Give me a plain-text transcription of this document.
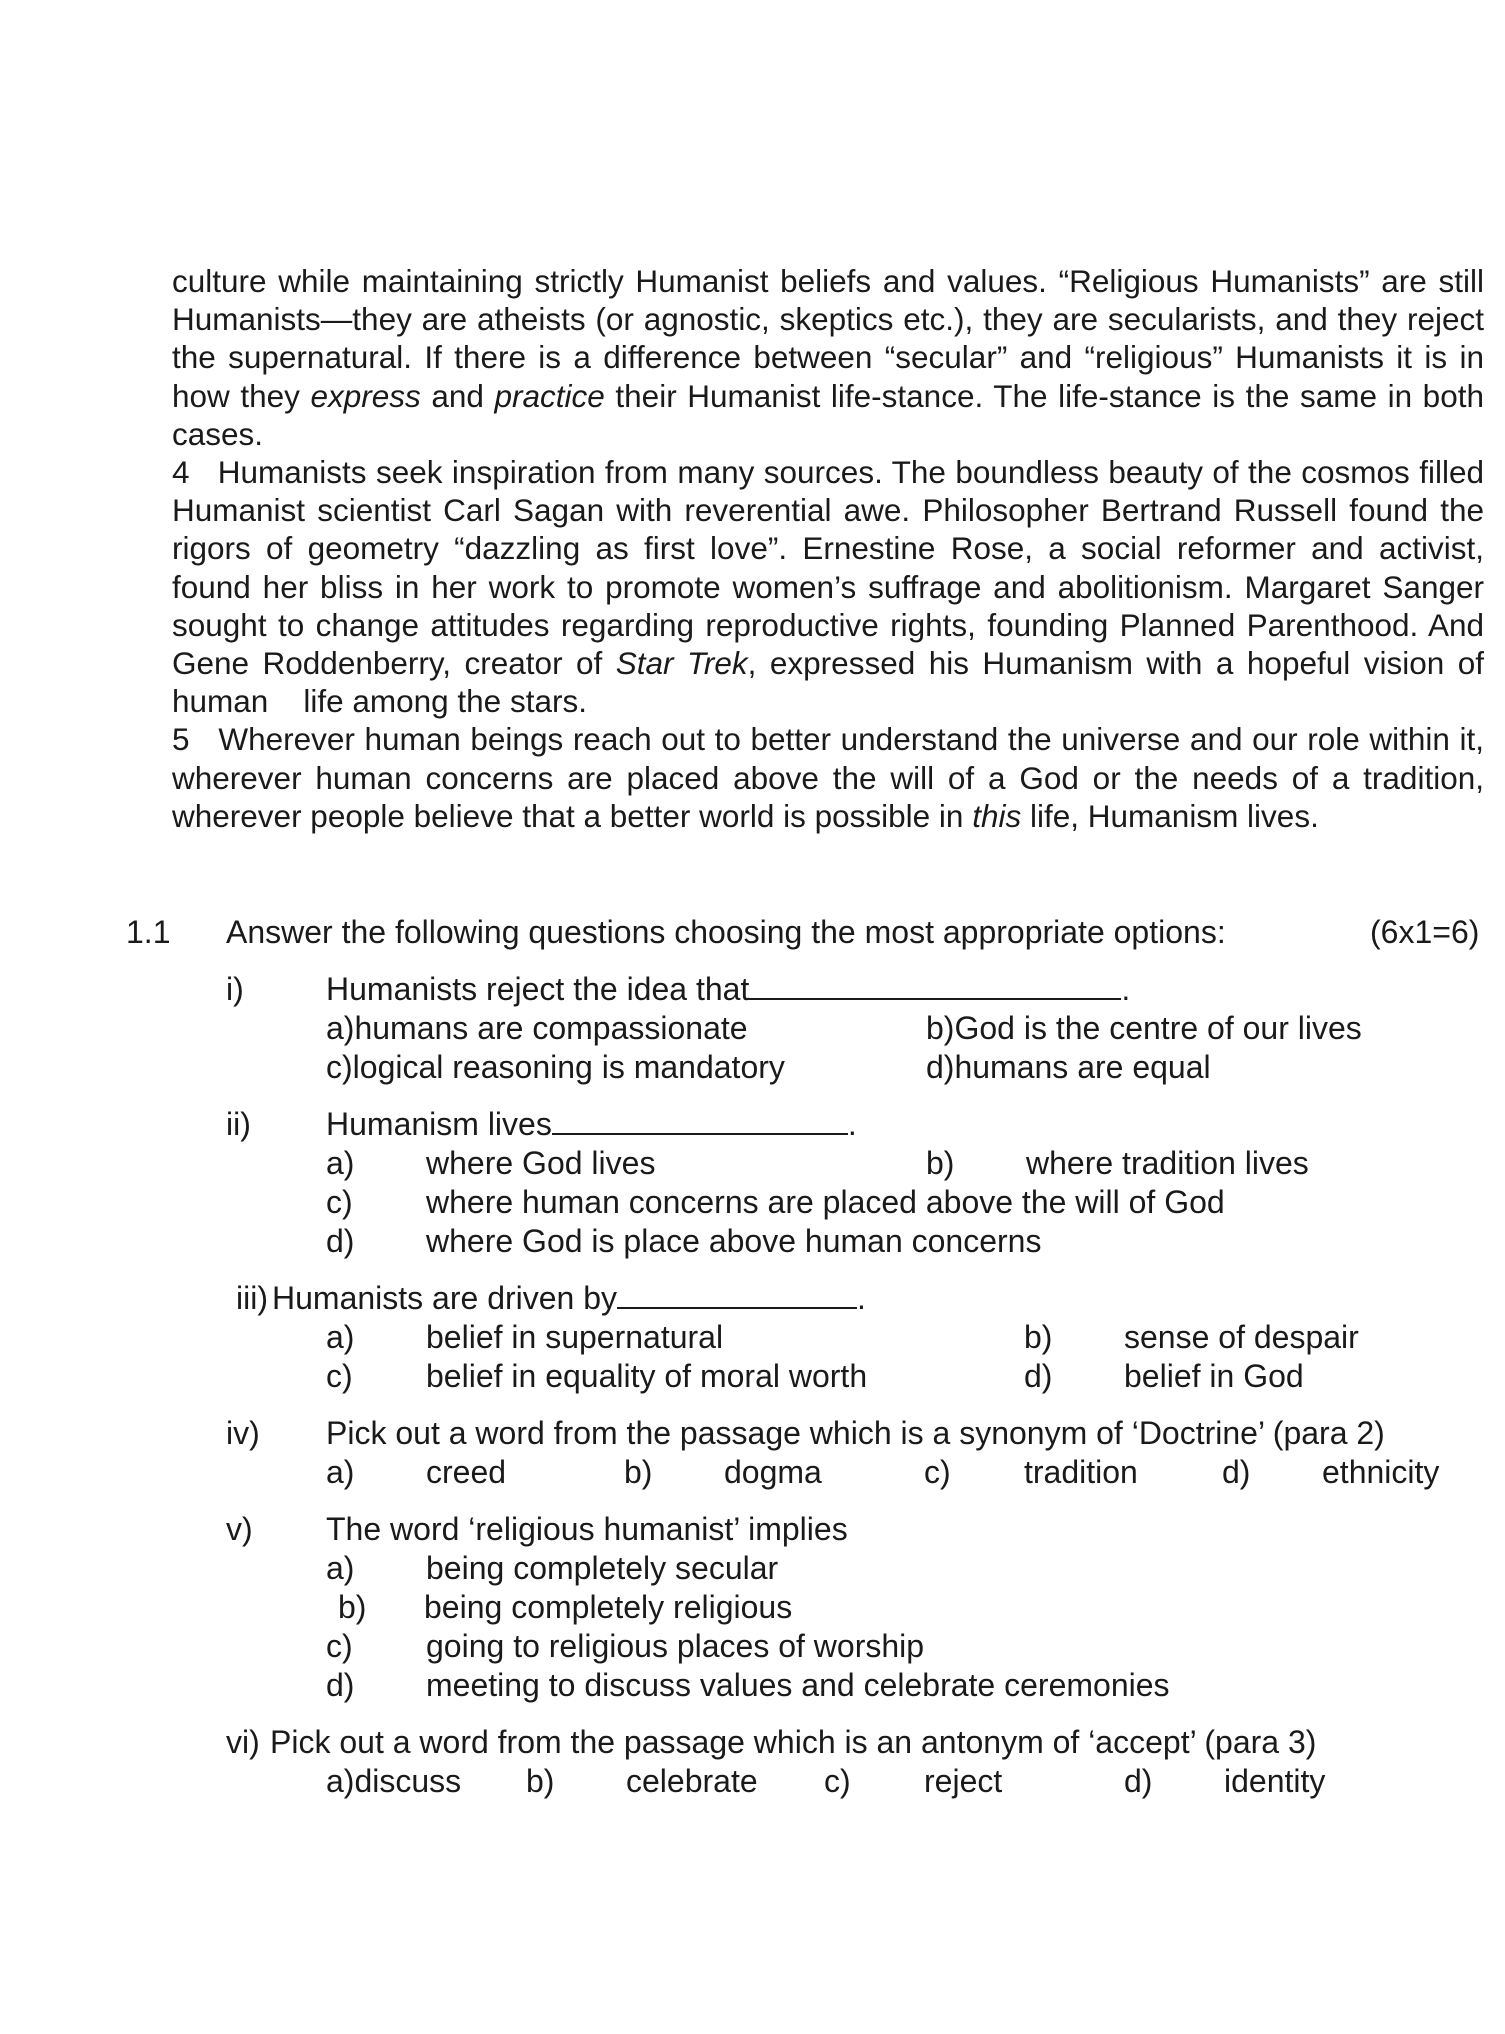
culture while maintaining strictly Humanist beliefs and values. “Religious Humanists” are still Humanists—they are atheists (or agnostic, skeptics etc.), they are secularists, and they reject the supernatural. If there is a difference between “secular” and “religious” Humanists it is in how they express and practice their Humanist life-stance. The life-stance is the same in both cases.

4   Humanists seek inspiration from many sources. The boundless beauty of the cosmos filled Humanist scientist Carl Sagan with reverential awe. Philosopher Bertrand Russell found the rigors of geometry “dazzling as first love”. Ernestine Rose, a social reformer and activist, found her bliss in her work to promote women’s suffrage and abolitionism. Margaret Sanger sought to change attitudes regarding reproductive rights, founding Planned Parenthood. And Gene Roddenberry, creator of Star Trek, expressed his Humanism with a hopeful vision of human    life among the stars.

5   Wherever human beings reach out to better understand the universe and our role within it, wherever human concerns are placed above the will of a God or the needs of a tradition, wherever people believe that a better world is possible in this life, Humanism lives.

1.1 Answer the following questions choosing the most appropriate options:	(6x1=6)
i)	Humanists reject the idea that	.
a)humans are compassionate	b)God is the centre of our lives
c)logical reasoning is mandatory	d)humans are equal
ii) Humanism lives	.
a) where God lives	b) where tradition lives
c) where human concerns are placed above the will of God
d) where God is place above human concerns
iii) Humanists are driven by	.
a) belief in supernatural	b) sense of despair
c) belief in equality of moral worth	d) belief in God
iv) Pick out a word from the passage which is a synonym of ‘Doctrine’ (para 2)
a) creed	b) dogma	c) tradition	d) ethnicity
v) The word ‘religious humanist’ implies
a) being completely secular
b) being completely religious
c) going to religious places of worship
d) meeting to discuss values and celebrate ceremonies
vi) Pick out a word from the passage which is an antonym of ‘accept’ (para 3)
a)discuss b) celebrate c) reject	d) identity
